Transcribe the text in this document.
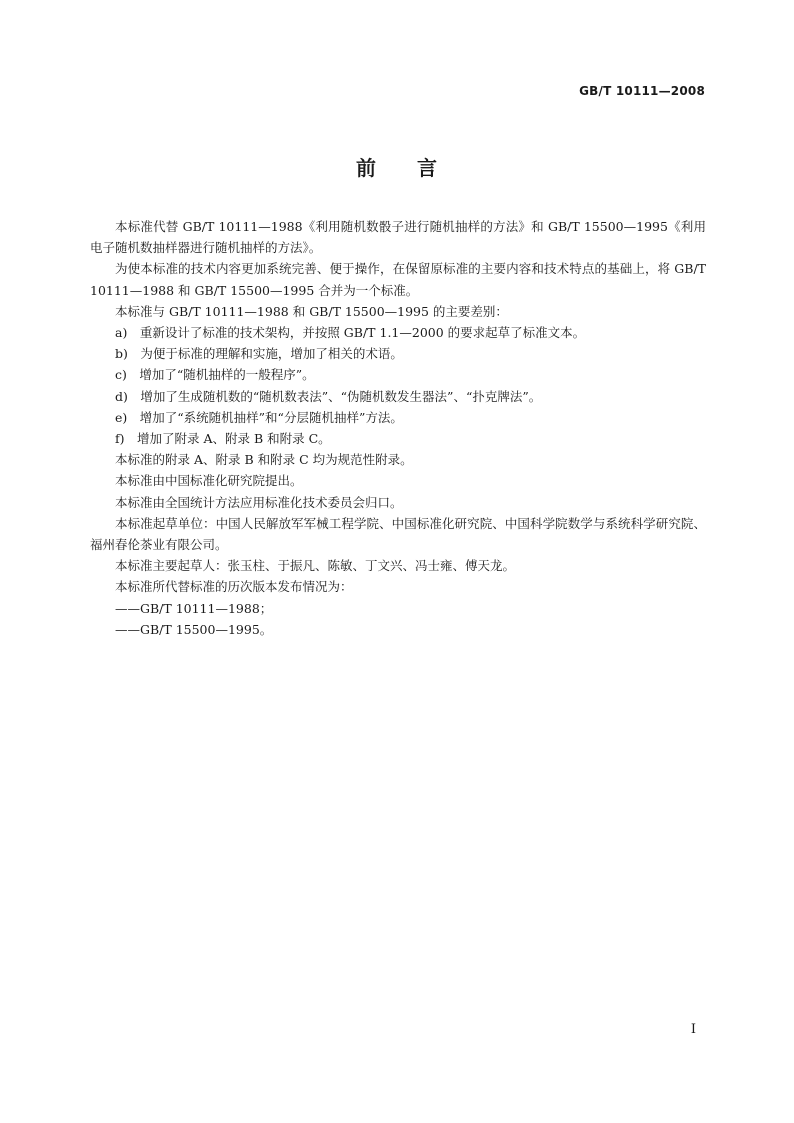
GB/T 10111—2008
前 言

本标准代替 GB/T 10111—1988《利用随机数骰子进行随机抽样的方法》和 GB/T 15500—1995《利用电子随机数抽样器进行随机抽样的方法》。

为使本标准的技术内容更加系统完善、便于操作，在保留原标准的主要内容和技术特点的基础上，将 GB/T 10111—1988 和 GB/T 15500—1995 合并为一个标准。

本标准与 GB/T 10111—1988 和 GB/T 15500—1995 的主要差别：

a)　重新设计了标准的技术架构，并按照 GB/T 1.1—2000 的要求起草了标准文本。

b)　为便于标准的理解和实施，增加了相关的术语。

c)　增加了“随机抽样的一般程序”。

d)　增加了生成随机数的“随机数表法”、“伪随机数发生器法”、“扑克牌法”。

e)　增加了“系统随机抽样”和“分层随机抽样”方法。

f)　增加了附录 A、附录 B 和附录 C。

本标准的附录 A、附录 B 和附录 C 均为规范性附录。

本标准由中国标准化研究院提出。

本标准由全国统计方法应用标准化技术委员会归口。

本标准起草单位：中国人民解放军军械工程学院、中国标准化研究院、中国科学院数学与系统科学研究院、福州春伦茶业有限公司。

本标准主要起草人：张玉柱、于振凡、陈敏、丁文兴、冯士雍、傅天龙。

本标准所代替标准的历次版本发布情况为：

——GB/T 10111—1988；

——GB/T 15500—1995。

I
